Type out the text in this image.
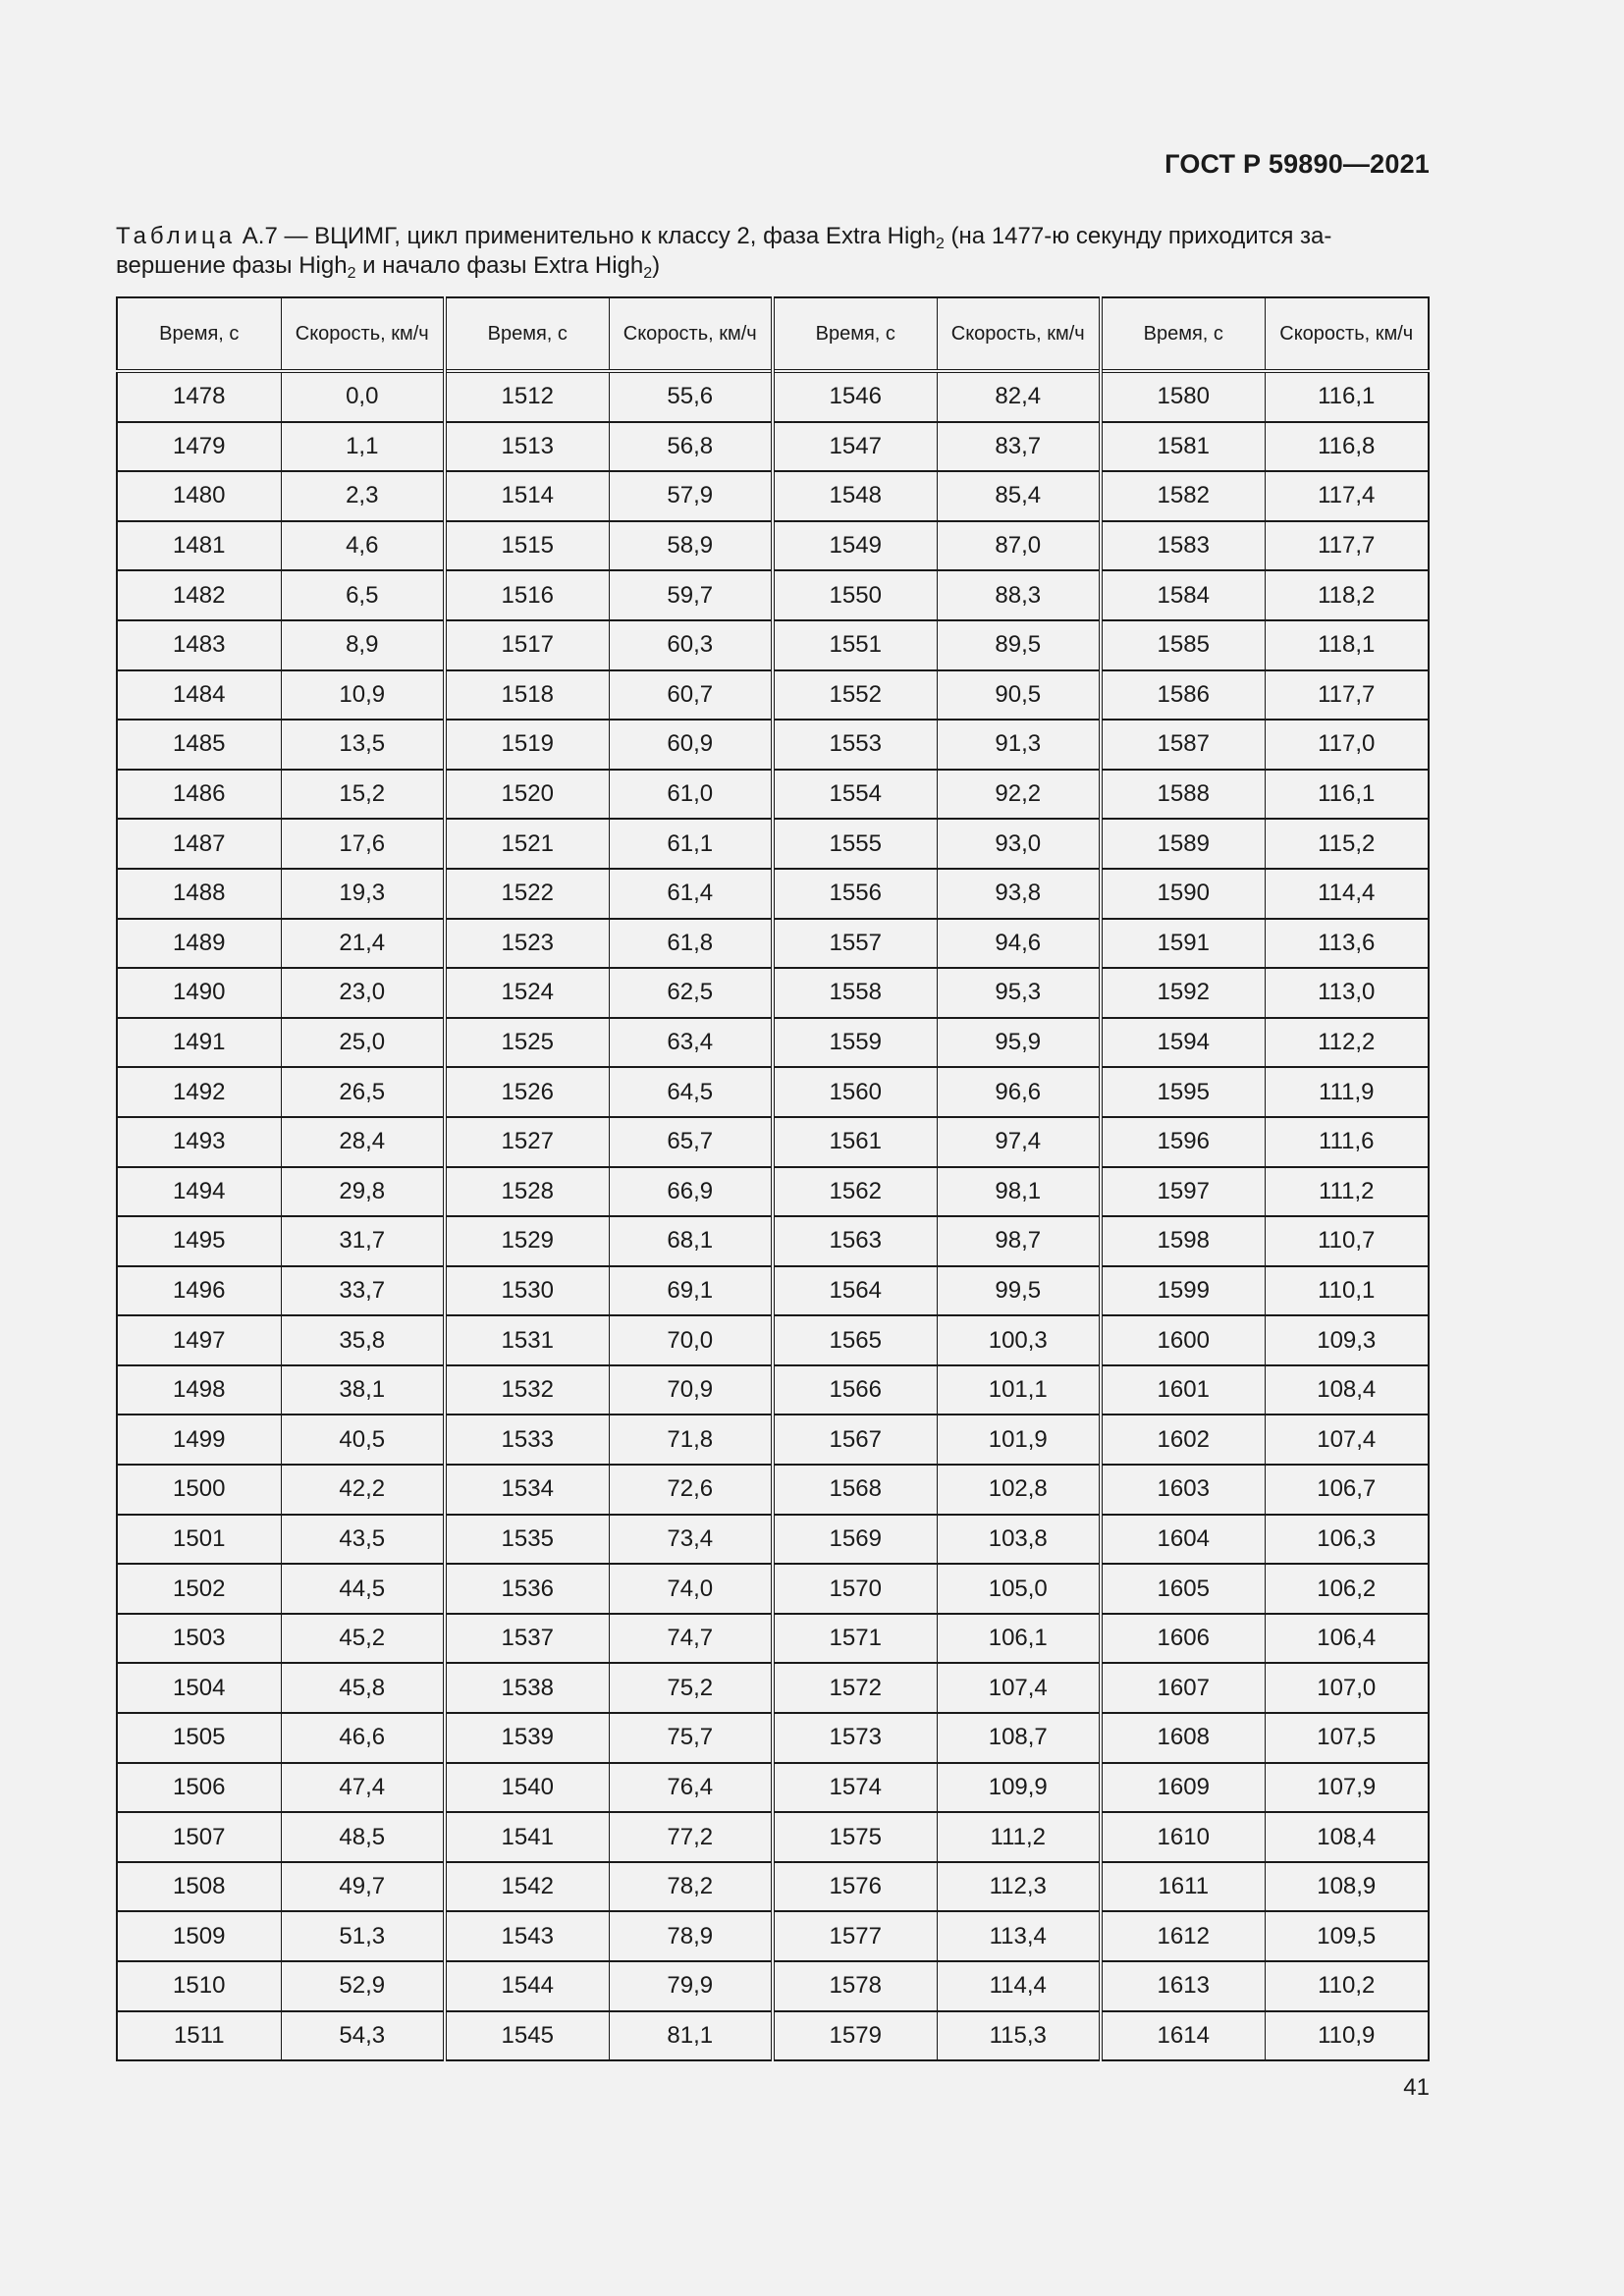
ГОСТ Р 59890—2021
Таблица А.7 — ВЦИМГ, цикл применительно к классу 2, фаза Extra High$_2$ (на 1477-ю секунду приходится за-
вершение фазы High$_2$ и начало фазы Extra High$_2$)
Время, с	Скорость, км/ч	Время, с	Скорость, км/ч	Время, с	Скорость, км/ч	Время, с	Скорость, км/ч
1478	0,0	1512	55,6	1546	82,4	1580	116,1
1479	1,1	1513	56,8	1547	83,7	1581	116,8
1480	2,3	1514	57,9	1548	85,4	1582	117,4
1481	4,6	1515	58,9	1549	87,0	1583	117,7
1482	6,5	1516	59,7	1550	88,3	1584	118,2
1483	8,9	1517	60,3	1551	89,5	1585	118,1
1484	10,9	1518	60,7	1552	90,5	1586	117,7
1485	13,5	1519	60,9	1553	91,3	1587	117,0
1486	15,2	1520	61,0	1554	92,2	1588	116,1
1487	17,6	1521	61,1	1555	93,0	1589	115,2
1488	19,3	1522	61,4	1556	93,8	1590	114,4
1489	21,4	1523	61,8	1557	94,6	1591	113,6
1490	23,0	1524	62,5	1558	95,3	1592	113,0
1491	25,0	1525	63,4	1559	95,9	1594	112,2
1492	26,5	1526	64,5	1560	96,6	1595	111,9
1493	28,4	1527	65,7	1561	97,4	1596	111,6
1494	29,8	1528	66,9	1562	98,1	1597	111,2
1495	31,7	1529	68,1	1563	98,7	1598	110,7
1496	33,7	1530	69,1	1564	99,5	1599	110,1
1497	35,8	1531	70,0	1565	100,3	1600	109,3
1498	38,1	1532	70,9	1566	101,1	1601	108,4
1499	40,5	1533	71,8	1567	101,9	1602	107,4
1500	42,2	1534	72,6	1568	102,8	1603	106,7
1501	43,5	1535	73,4	1569	103,8	1604	106,3
1502	44,5	1536	74,0	1570	105,0	1605	106,2
1503	45,2	1537	74,7	1571	106,1	1606	106,4
1504	45,8	1538	75,2	1572	107,4	1607	107,0
1505	46,6	1539	75,7	1573	108,7	1608	107,5
1506	47,4	1540	76,4	1574	109,9	1609	107,9
1507	48,5	1541	77,2	1575	111,2	1610	108,4
1508	49,7	1542	78,2	1576	112,3	1611	108,9
1509	51,3	1543	78,9	1577	113,4	1612	109,5
1510	52,9	1544	79,9	1578	114,4	1613	110,2
1511	54,3	1545	81,1	1579	115,3	1614	110,9
41
